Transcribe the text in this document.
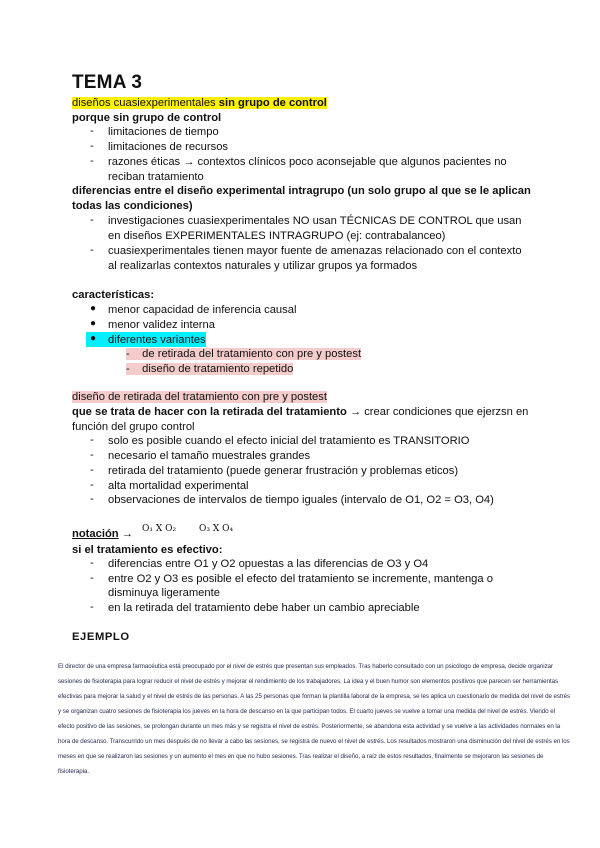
TEMA 3
diseños cuasiexperimentales sin grupo de control
porque sin grupo de control
- limitaciones de tiempo
- limitaciones de recursos
- razones éticas → contextos clínicos poco aconsejable que algunos pacientes no
reciban tratamiento
diferencias entre el diseño experimental intragrupo (un solo grupo al que se le aplican
todas las condiciones)
- investigaciones cuasiexperimentales NO usan TÉCNICAS DE CONTROL que usan
en diseños EXPERIMENTALES INTRAGRUPO (ej: contrabalanceo)
- cuasiexperimentales tienen mayor fuente de amenazas relacionado con el contexto
al realizarlas contextos naturales y utilizar grupos ya formados
características:
● menor capacidad de inferencia causal
● menor validez interna
● diferentes variantes
-    de retirada del tratamiento con pre y postest
-    diseño de tratamiento repetido
diseño de retirada del tratamiento con pre y postest
que se trata de hacer con la retirada del tratamiento → crear condiciones que ejerzsn en
función del grupo control
- solo es posible cuando el efecto inicial del tratamiento es TRANSITORIO
- necesario el tamaño muestrales grandes
- retirada del tratamiento (puede generar frustración y problemas eticos)
- alta mortalidad experimental
- observaciones de intervalos de tiempo iguales (intervalo de O1, O2 = O3, O4)
notación → O₁ X O₂	O₃ X O₄
si el tratamiento es efectivo:
- diferencias entre O1 y O2 opuestas a las diferencias de O3 y O4
- entre O2 y O3 es posible el efecto del tratamiento se incremente, mantenga o
disminuya ligeramente
- en la retirada del tratamiento debe haber un cambio apreciable
EJEMPLO
El director de una empresa farmacéutica está preocupado por el nivel de estrés que presentan sus empleados. Tras haberlo consultado con un psicólogo de empresa, decide organizar
sesiones de fisioterapia para lograr reducir el nivel de estrés y mejorar el rendimiento de los trabajadores. La idea y el buen humor son elementos positivos que parecen ser herramientas
efectivas para mejorar la salud y el nivel de estrés de las personas. A las 25 personas que forman la plantilla laboral de la empresa, se les aplica un cuestionario de medida del nivel de estrés
y se organizan cuatro sesiones de fisioterapia los jueves en la hora de descanso en la que participan todos. El cuarto jueves se vuelve a tomar una medida del nivel de estrés. Viendo el
efecto positivo de las sesiones, se prolongan durante un mes más y se registra el nivel de estrés. Posteriormente, se abandona esta actividad y se vuelve a las actividades normales en la
hora de descanso. Transcurrido un mes después de no llevar a cabo las sesiones, se registra de nuevo el nivel de estrés. Los resultados mostraron una disminución del nivel de estrés en los
meses en que se realizaron las sesiones y un aumento el mes en que no hubo sesiones. Tras realizar el diseño, a raíz de estos resultados, finalmente se mejoraron las sesiones de
fisioterapia.
